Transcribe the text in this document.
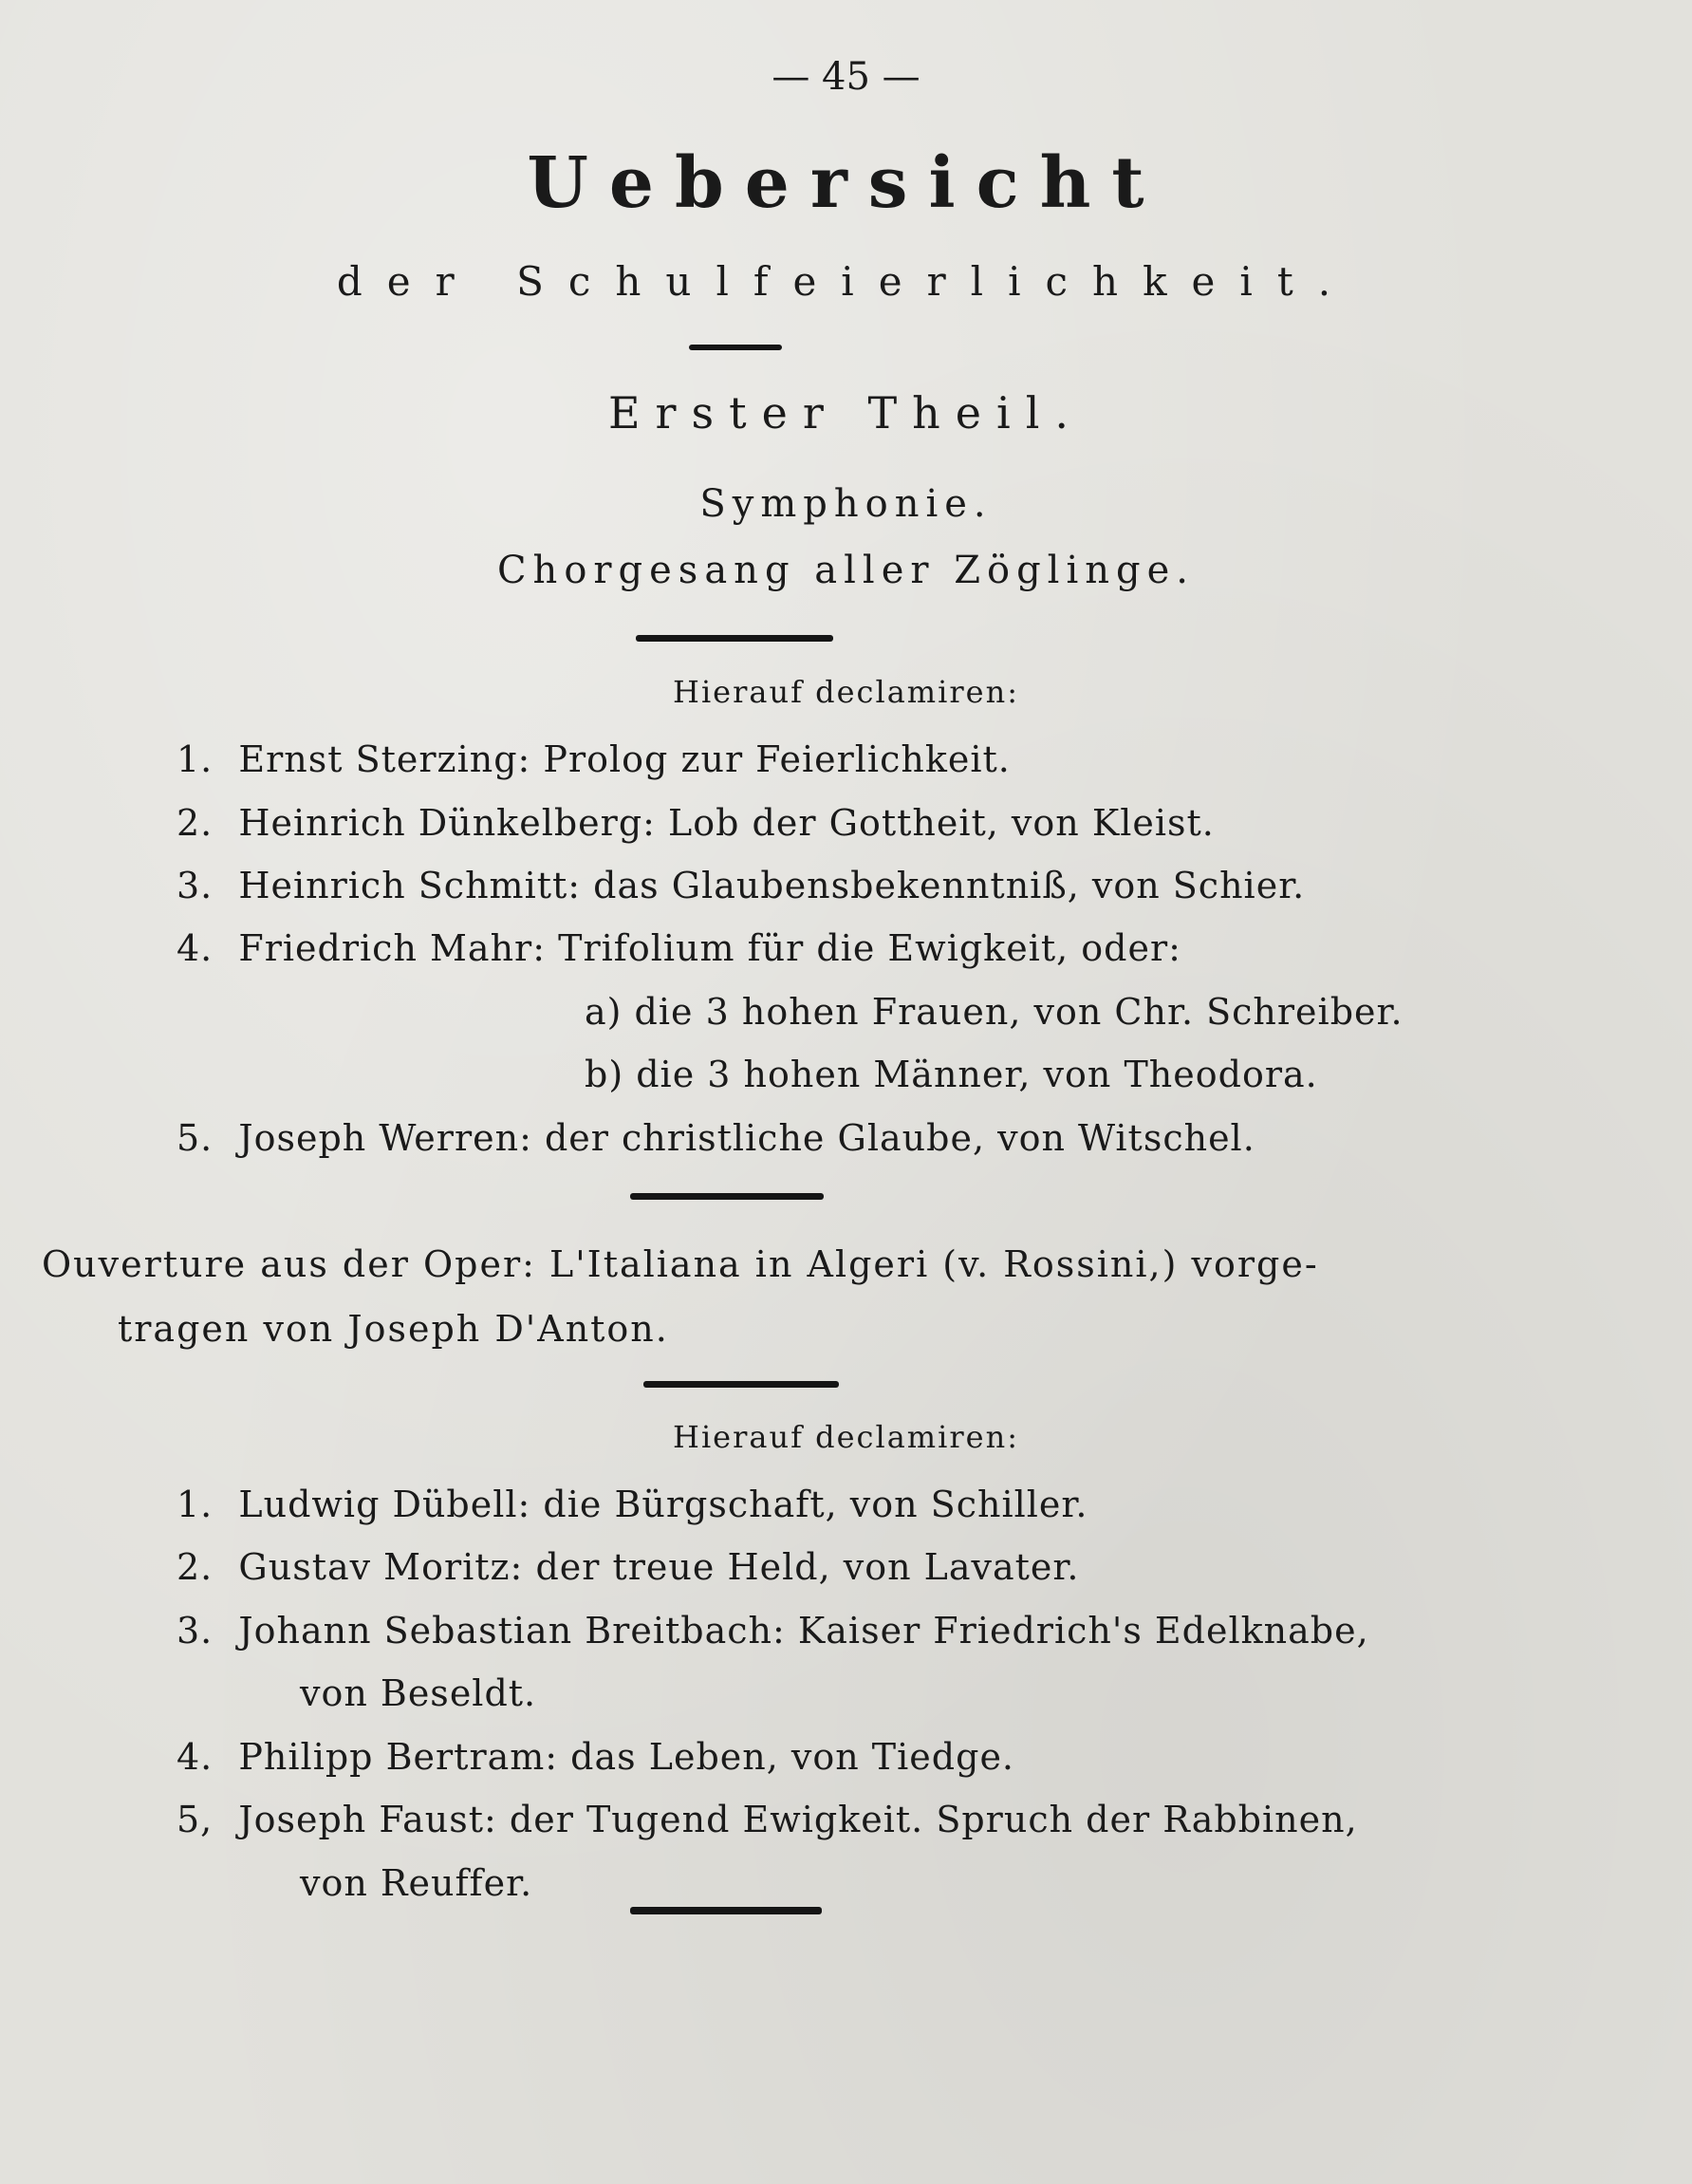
— 45 —
Uebersicht
der Schulfeierlichkeit.
Erster Theil.
Symphonie.
Chorgesang aller Zöglinge.
Hierauf declamiren:
1. Ernst Sterzing: Prolog zur Feierlichkeit.
2. Heinrich Dünkelberg: Lob der Gottheit, von Kleist.
3. Heinrich Schmitt: das Glaubensbekenntniß, von Schier.
4. Friedrich Mahr: Trifolium für die Ewigkeit, oder:
a) die 3 hohen Frauen, von Chr. Schreiber.
b) die 3 hohen Männer, von Theodora.
5. Joseph Werren: der christliche Glaube, von Witschel.
Ouverture aus der Oper: L'Italiana in Algeri (v. Rossini,) vorge-
tragen von Joseph D'Anton.
Hierauf declamiren:
1. Ludwig Dübell: die Bürgschaft, von Schiller.
2. Gustav Moritz: der treue Held, von Lavater.
3. Johann Sebastian Breitbach: Kaiser Friedrich's Edelknabe,
von Beseldt.
4. Philipp Bertram: das Leben, von Tiedge.
5, Joseph Faust: der Tugend Ewigkeit. Spruch der Rabbinen,
von Reuffer.
